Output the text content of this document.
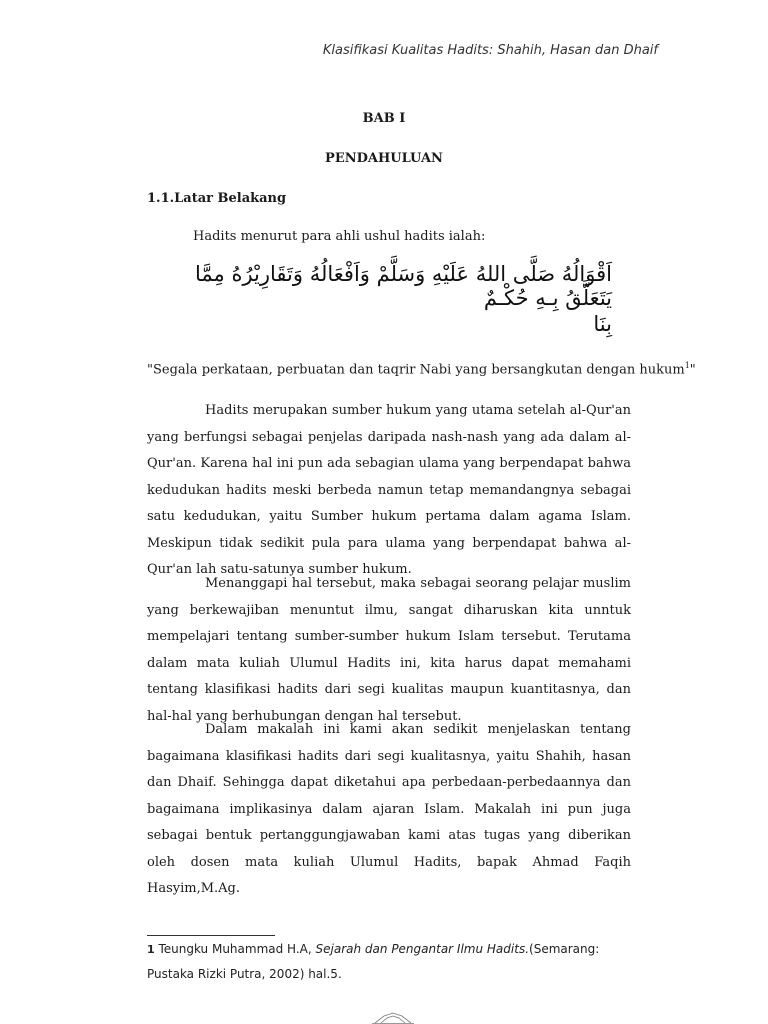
Klasifikasi Kualitas Hadits: Shahih, Hasan dan Dhaif
BAB I
PENDAHULUAN
1.1.Latar Belakang
Hadits menurut para ahli ushul hadits ialah:
اَقْوَالُهُ صَلَّى اللهُ عَلَيْهِ وَسَلَّمْ وَاَفْعَالُهُ وَتَقَارِيْرُهُ مِمَّا يَتَعَلَّقُ بِـهِ حُكْـمٌ
بِنَا
"Segala perkataan, perbuatan dan taqrir Nabi yang bersangkutan dengan hukum$^1$"

Hadits merupakan sumber hukum yang utama setelah al-Qur'an yang berfungsi sebagai penjelas daripada nash-nash yang ada dalam al-Qur'an. Karena hal ini pun ada sebagian ulama yang berpendapat bahwa kedudukan hadits meski berbeda namun tetap memandangnya sebagai satu kedudukan, yaitu Sumber hukum pertama dalam agama Islam. Meskipun tidak sedikit pula para ulama yang berpendapat bahwa al-Qur'an lah satu-satunya sumber hukum.

Menanggapi hal tersebut, maka sebagai seorang pelajar muslim yang berkewajiban menuntut ilmu, sangat diharuskan kita unntuk mempelajari tentang sumber-sumber hukum Islam tersebut. Terutama dalam mata kuliah Ulumul Hadits ini, kita harus dapat memahami tentang klasifikasi hadits dari segi kualitas maupun kuantitasnya, dan hal-hal yang berhubungan dengan hal tersebut.

Dalam makalah ini kami akan sedikit menjelaskan tentang bagaimana klasifikasi hadits dari segi kualitasnya, yaitu Shahih, hasan dan Dhaif. Sehingga dapat diketahui apa perbedaan-perbedaannya dan bagaimana implikasinya dalam ajaran Islam. Makalah ini pun juga sebagai bentuk pertanggungjawaban kami atas tugas yang diberikan oleh dosen mata kuliah Ulumul Hadits, bapak Ahmad Faqih Hasyim,M.Ag.

1 Teungku Muhammad H.A, Sejarah dan Pengantar Ilmu Hadits.(Semarang: Pustaka Rizki Putra, 2002) hal.5.
